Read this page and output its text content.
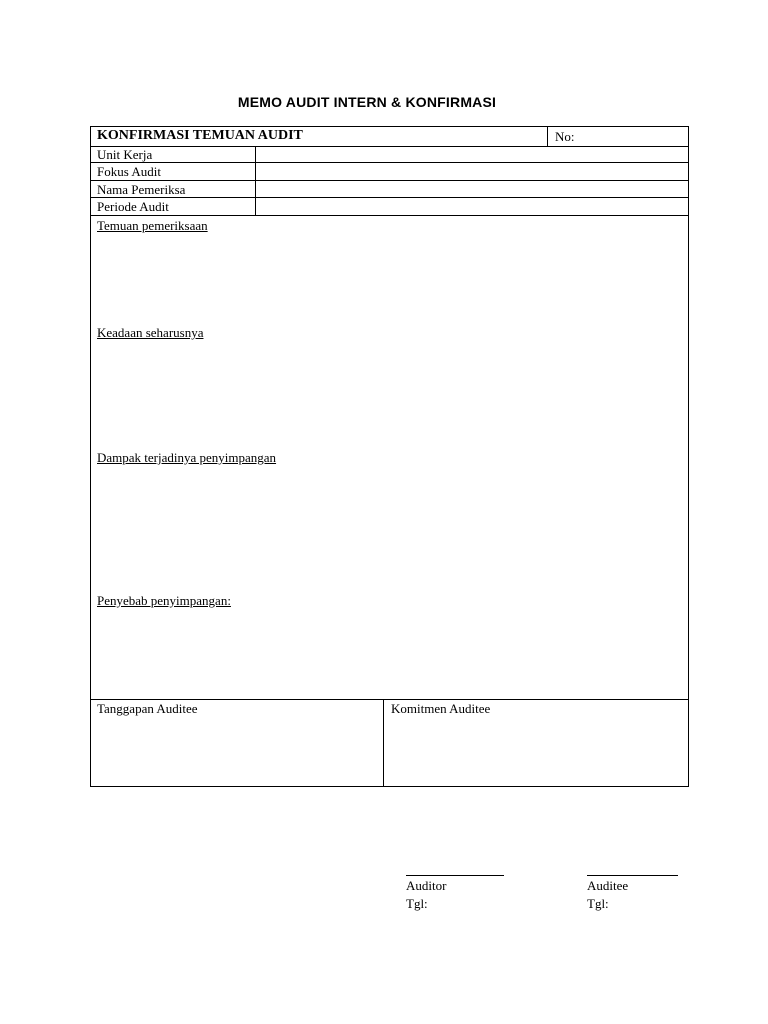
MEMO AUDIT INTERN & KONFIRMASI
KONFIRMASI TEMUAN AUDIT	No:
Unit Kerja
Fokus Audit
Nama Pemeriksa
Periode Audit
Temuan pemeriksaan
Keadaan seharusnya
Dampak terjadinya penyimpangan
Penyebab penyimpangan:
Tanggapan Auditee	Komitmen Auditee
Auditor
Tgl:
Auditee
Tgl:
